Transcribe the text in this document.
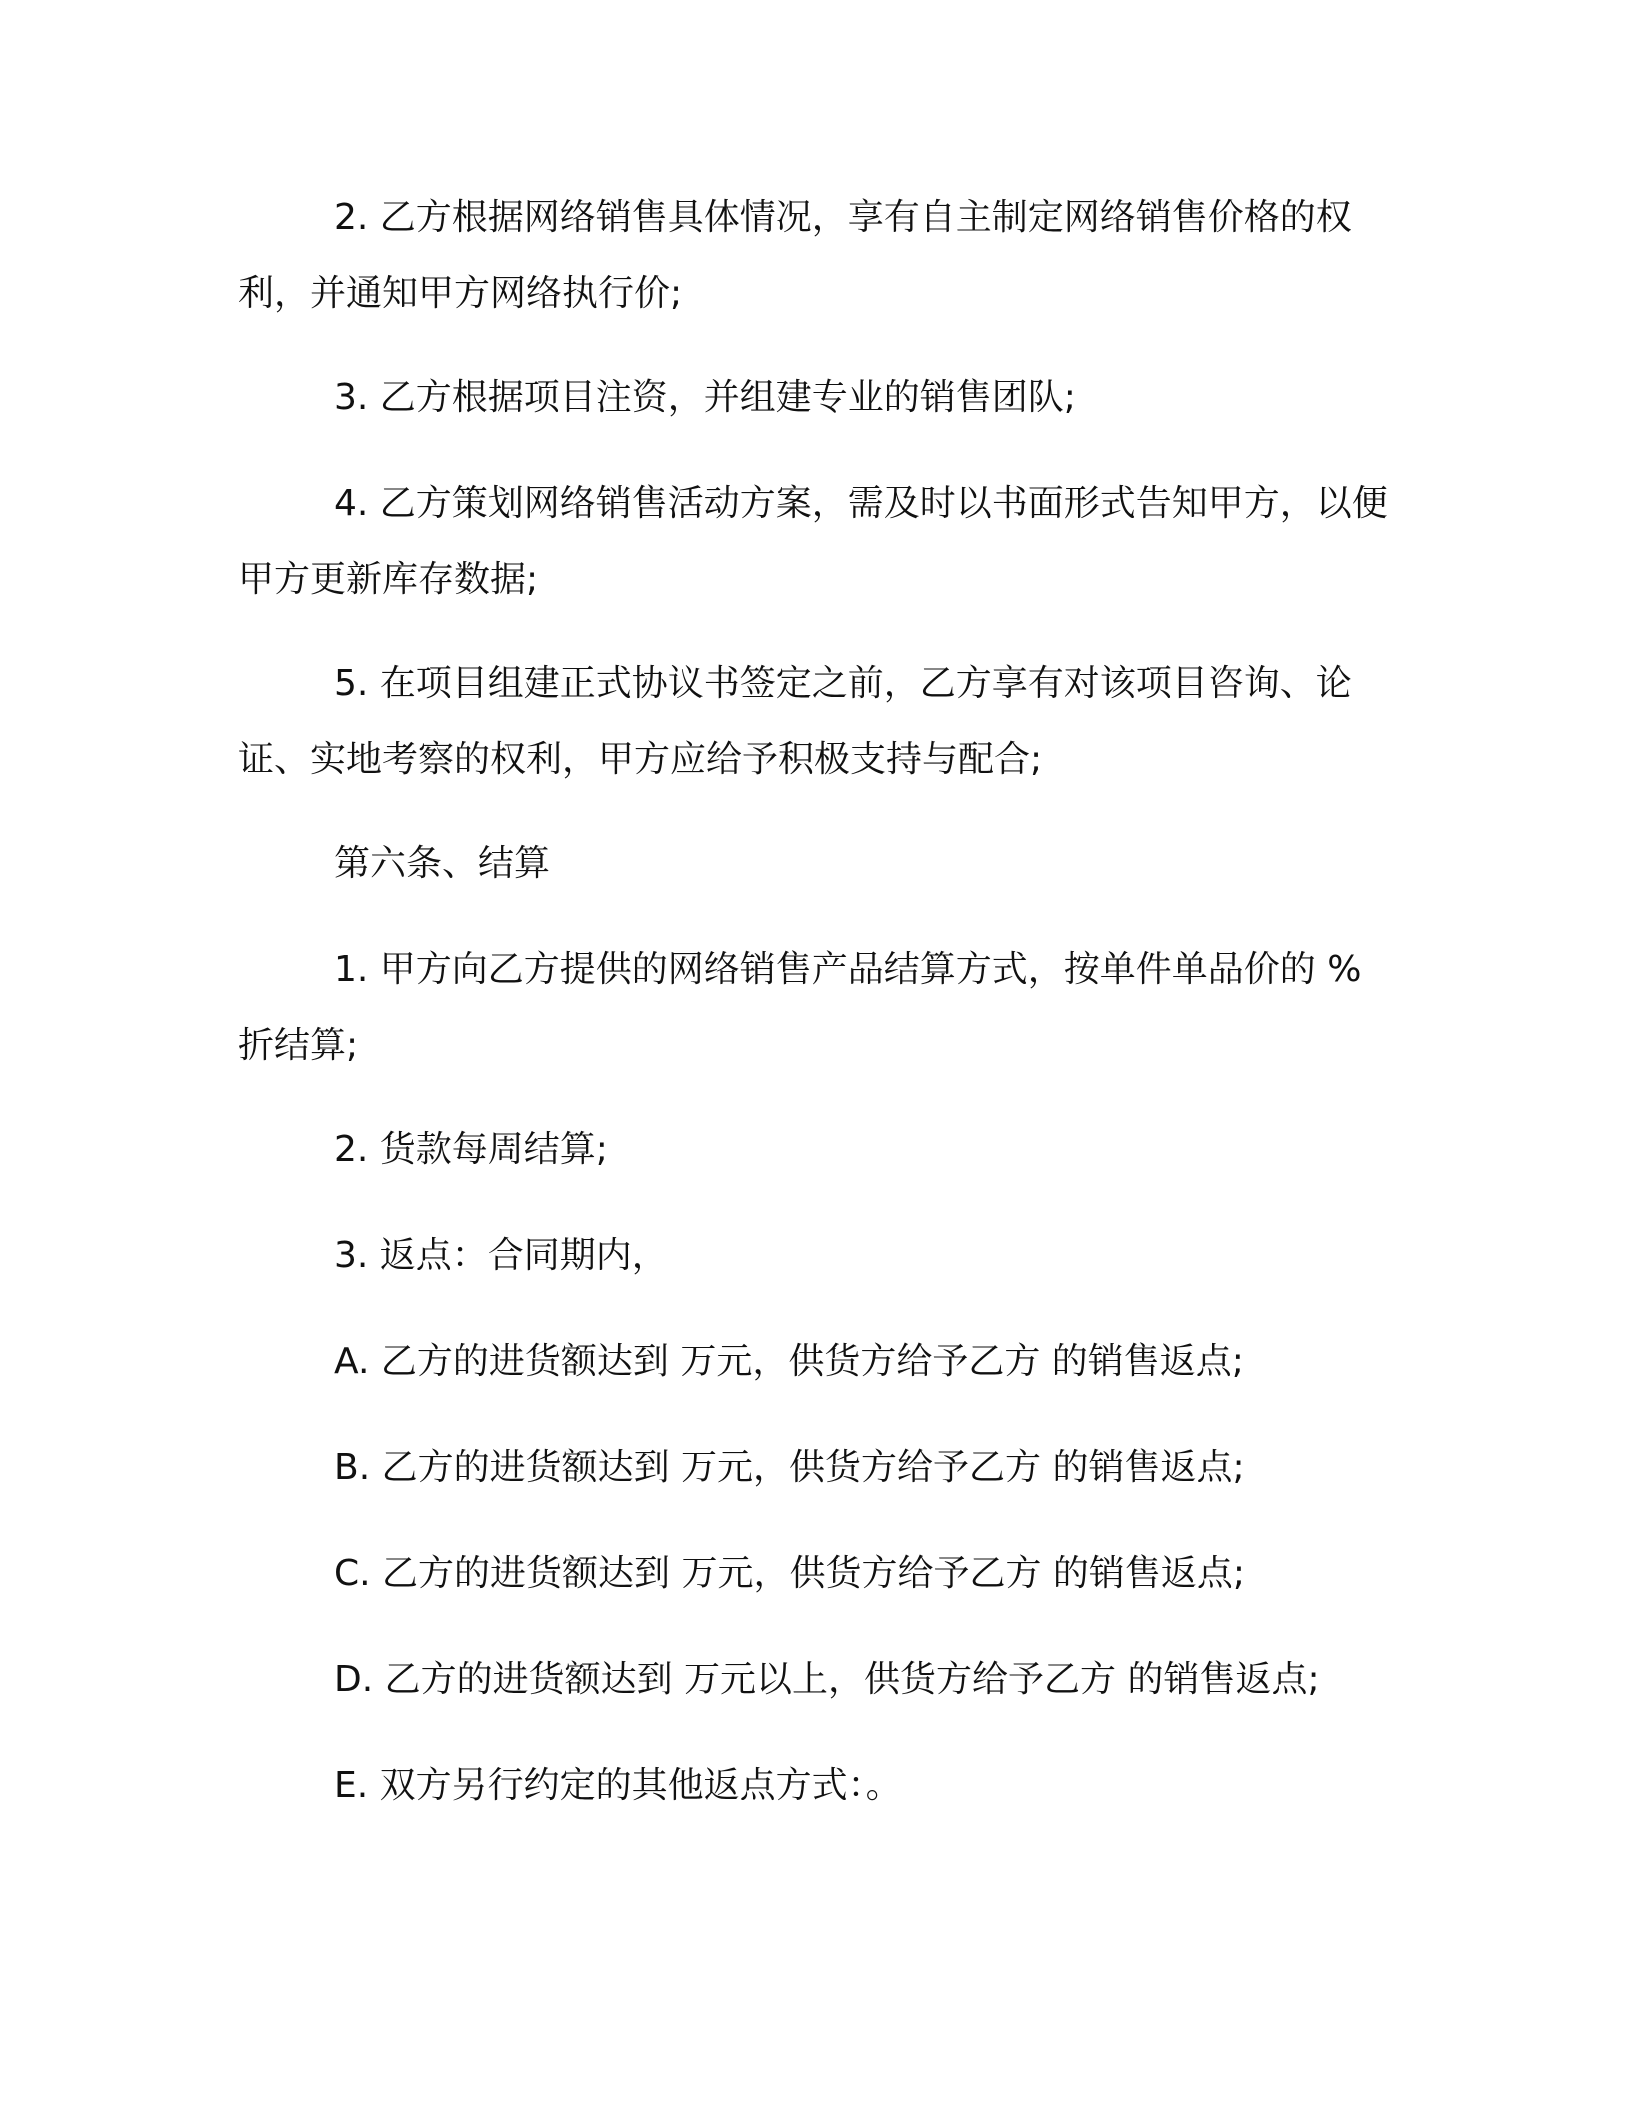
2. 乙方根据网络销售具体情况，享有自主制定网络销售价格的权利，并通知甲方网络执行价;

3. 乙方根据项目注资，并组建专业的销售团队;

4. 乙方策划网络销售活动方案，需及时以书面形式告知甲方，以便甲方更新库存数据;

5. 在项目组建正式协议书签定之前，乙方享有对该项目咨询、论证、实地考察的权利，甲方应给予积极支持与配合;

第六条、结算

1. 甲方向乙方提供的网络销售产品结算方式，按单件单品价的 % 折结算;

2. 货款每周结算;

3. 返点：合同期内，

A. 乙方的进货额达到 万元，供货方给予乙方 的销售返点;

B. 乙方的进货额达到 万元，供货方给予乙方 的销售返点;

C. 乙方的进货额达到 万元，供货方给予乙方 的销售返点;

D. 乙方的进货额达到 万元以上，供货方给予乙方 的销售返点;

E. 双方另行约定的其他返点方式：。
